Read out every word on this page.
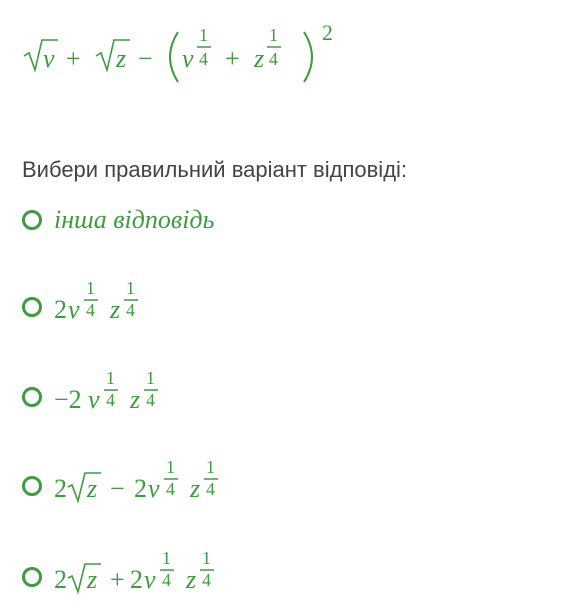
v + z − v
1
4 + z
1
4
2
Вибери правильний варіант відповіді:
інша відповідь
2 v
1
4 z
1
4
−2 v
1
4 z
1
4
2 z − 2 v
1
4 z
1
4
2 z + 2 v
1
4 z
1
4
